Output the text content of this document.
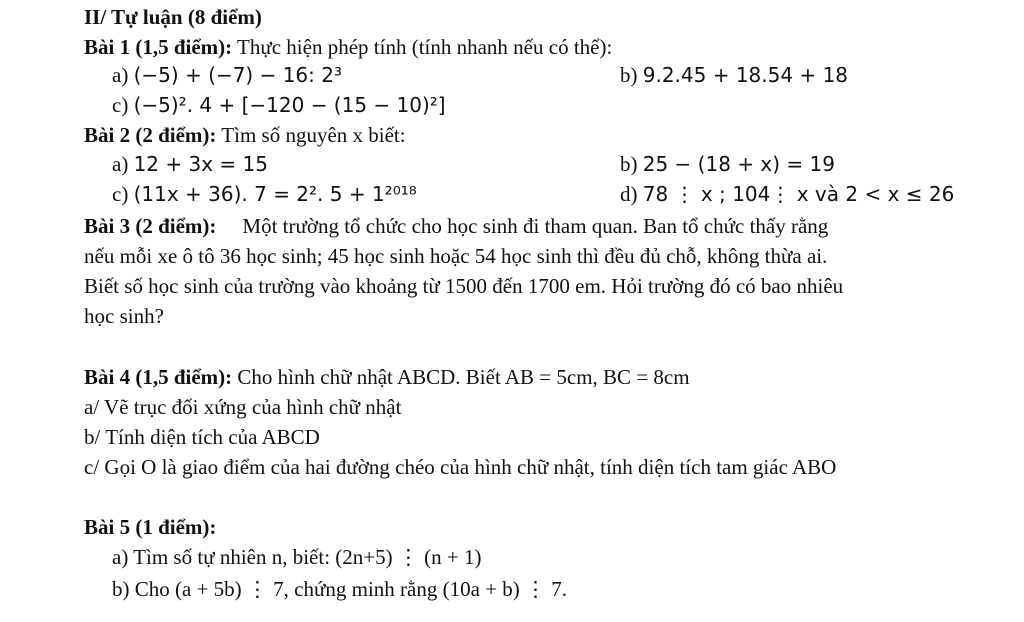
II/ Tự luận (8 điểm)
Bài 1 (1,5 điểm): Thực hiện phép tính (tính nhanh nếu có thể):
a) (−5) + (−7) − 16: 2³	b) 9.2.45 + 18.54 + 18
c) (−5)². 4 + [−120 − (15 − 10)²]
Bài 2 (2 điểm): Tìm số nguyên x biết:
a) 12 + 3x = 15	b) 25 − (18 + x) = 19
c) (11x + 36). 7 = 2². 5 + 1²⁰¹⁸	d) 78 ⋮ x ; 104⋮ x và 2 < x ≤ 26
Bài 3 (2 điểm): Một trường tổ chức cho học sinh đi tham quan. Ban tổ chức thấy rằng
nếu mỗi xe ô tô 36 học sinh; 45 học sinh hoặc 54 học sinh thì đều đủ chỗ, không thừa ai.
Biết số học sinh của trường vào khoảng từ 1500 đến 1700 em. Hỏi trường đó có bao nhiêu
học sinh?
Bài 4 (1,5 điểm): Cho hình chữ nhật ABCD. Biết AB = 5cm, BC = 8cm
a/ Vẽ trục đối xứng của hình chữ nhật
b/ Tính diện tích của ABCD
c/ Gọi O là giao điểm của hai đường chéo của hình chữ nhật, tính diện tích tam giác ABO
Bài 5 (1 điểm):
a) Tìm số tự nhiên n, biết: (2n+5) ⋮ (n + 1)
b) Cho (a + 5b) ⋮ 7, chứng minh rằng (10a + b) ⋮ 7.
